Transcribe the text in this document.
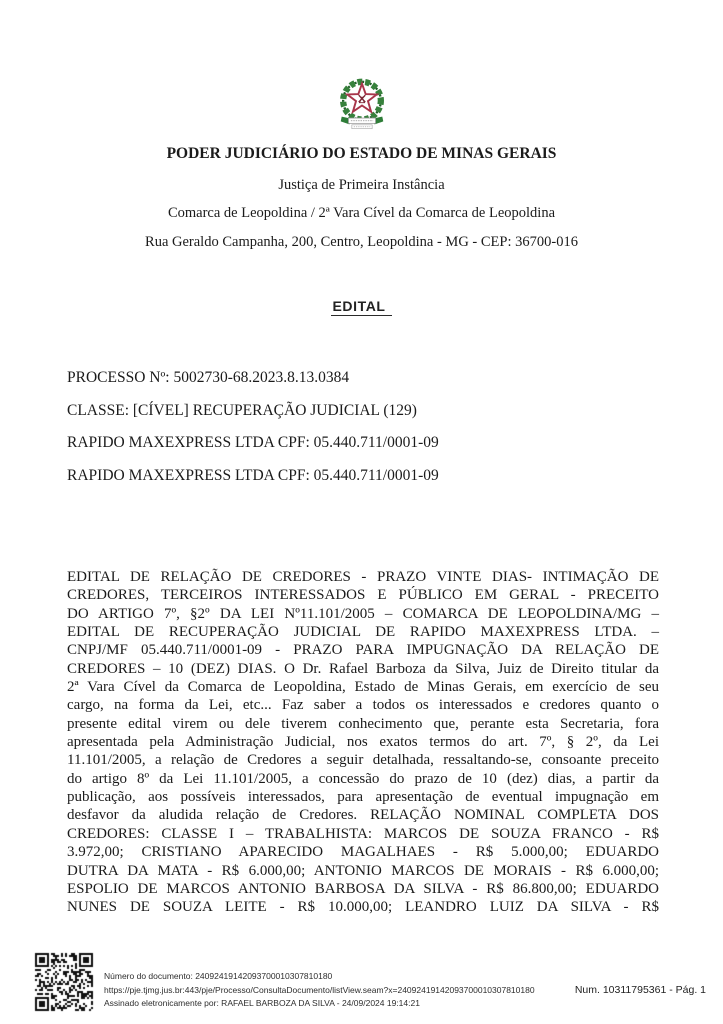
PODER JUDICIÁRIO DO ESTADO DE MINAS GERAIS
Justiça de Primeira Instância
Comarca de Leopoldina / 2ª Vara Cível da Comarca de Leopoldina
Rua Geraldo Campanha, 200, Centro, Leopoldina - MG - CEP: 36700-016
EDITAL
PROCESSO Nº: 5002730-68.2023.8.13.0384
CLASSE: [CÍVEL] RECUPERAÇÃO JUDICIAL (129)
RAPIDO MAXEXPRESS LTDA CPF: 05.440.711/0001-09
RAPIDO MAXEXPRESS LTDA CPF: 05.440.711/0001-09
EDITAL DE RELAÇÃO DE CREDORES - PRAZO VINTE DIAS- INTIMAÇÃO DE
CREDORES, TERCEIROS INTERESSADOS E PÚBLICO EM GERAL - PRECEITO
DO ARTIGO 7º, §2º DA LEI Nº11.101/2005 – COMARCA DE LEOPOLDINA/MG –
EDITAL DE RECUPERAÇÃO JUDICIAL DE RAPIDO MAXEXPRESS LTDA. –
CNPJ/MF 05.440.711/0001-09 - PRAZO PARA IMPUGNAÇÃO DA RELAÇÃO DE
CREDORES – 10 (DEZ) DIAS. O Dr. Rafael Barboza da Silva, Juiz de Direito titular da
2ª Vara Cível da Comarca de Leopoldina, Estado de Minas Gerais, em exercício de seu
cargo, na forma da Lei, etc... Faz saber a todos os interessados e credores quanto o
presente edital virem ou dele tiverem conhecimento que, perante esta Secretaria, fora
apresentada pela Administração Judicial, nos exatos termos do art. 7º, § 2º, da Lei
11.101/2005, a relação de Credores a seguir detalhada, ressaltando-se, consoante preceito
do artigo 8º da Lei 11.101/2005, a concessão do prazo de 10 (dez) dias, a partir da
publicação, aos possíveis interessados, para apresentação de eventual impugnação em
desfavor da aludida relação de Credores. RELAÇÃO NOMINAL COMPLETA DOS
CREDORES: CLASSE I – TRABALHISTA: MARCOS DE SOUZA FRANCO - R$
3.972,00; CRISTIANO APARECIDO MAGALHAES - R$ 5.000,00; EDUARDO
DUTRA DA MATA - R$ 6.000,00; ANTONIO MARCOS DE MORAIS - R$ 6.000,00;
ESPOLIO DE MARCOS ANTONIO BARBOSA DA SILVA - R$ 86.800,00; EDUARDO
NUNES DE SOUZA LEITE - R$ 10.000,00; LEANDRO LUIZ DA SILVA - R$
Número do documento: 24092419142093700010307810180
https://pje.tjmg.jus.br:443/pje/Processo/ConsultaDocumento/listView.seam?x=24092419142093700010307810180
Assinado eletronicamente por: RAFAEL BARBOZA DA SILVA - 24/09/2024 19:14:21
Num. 10311795361 - Pág. 1
